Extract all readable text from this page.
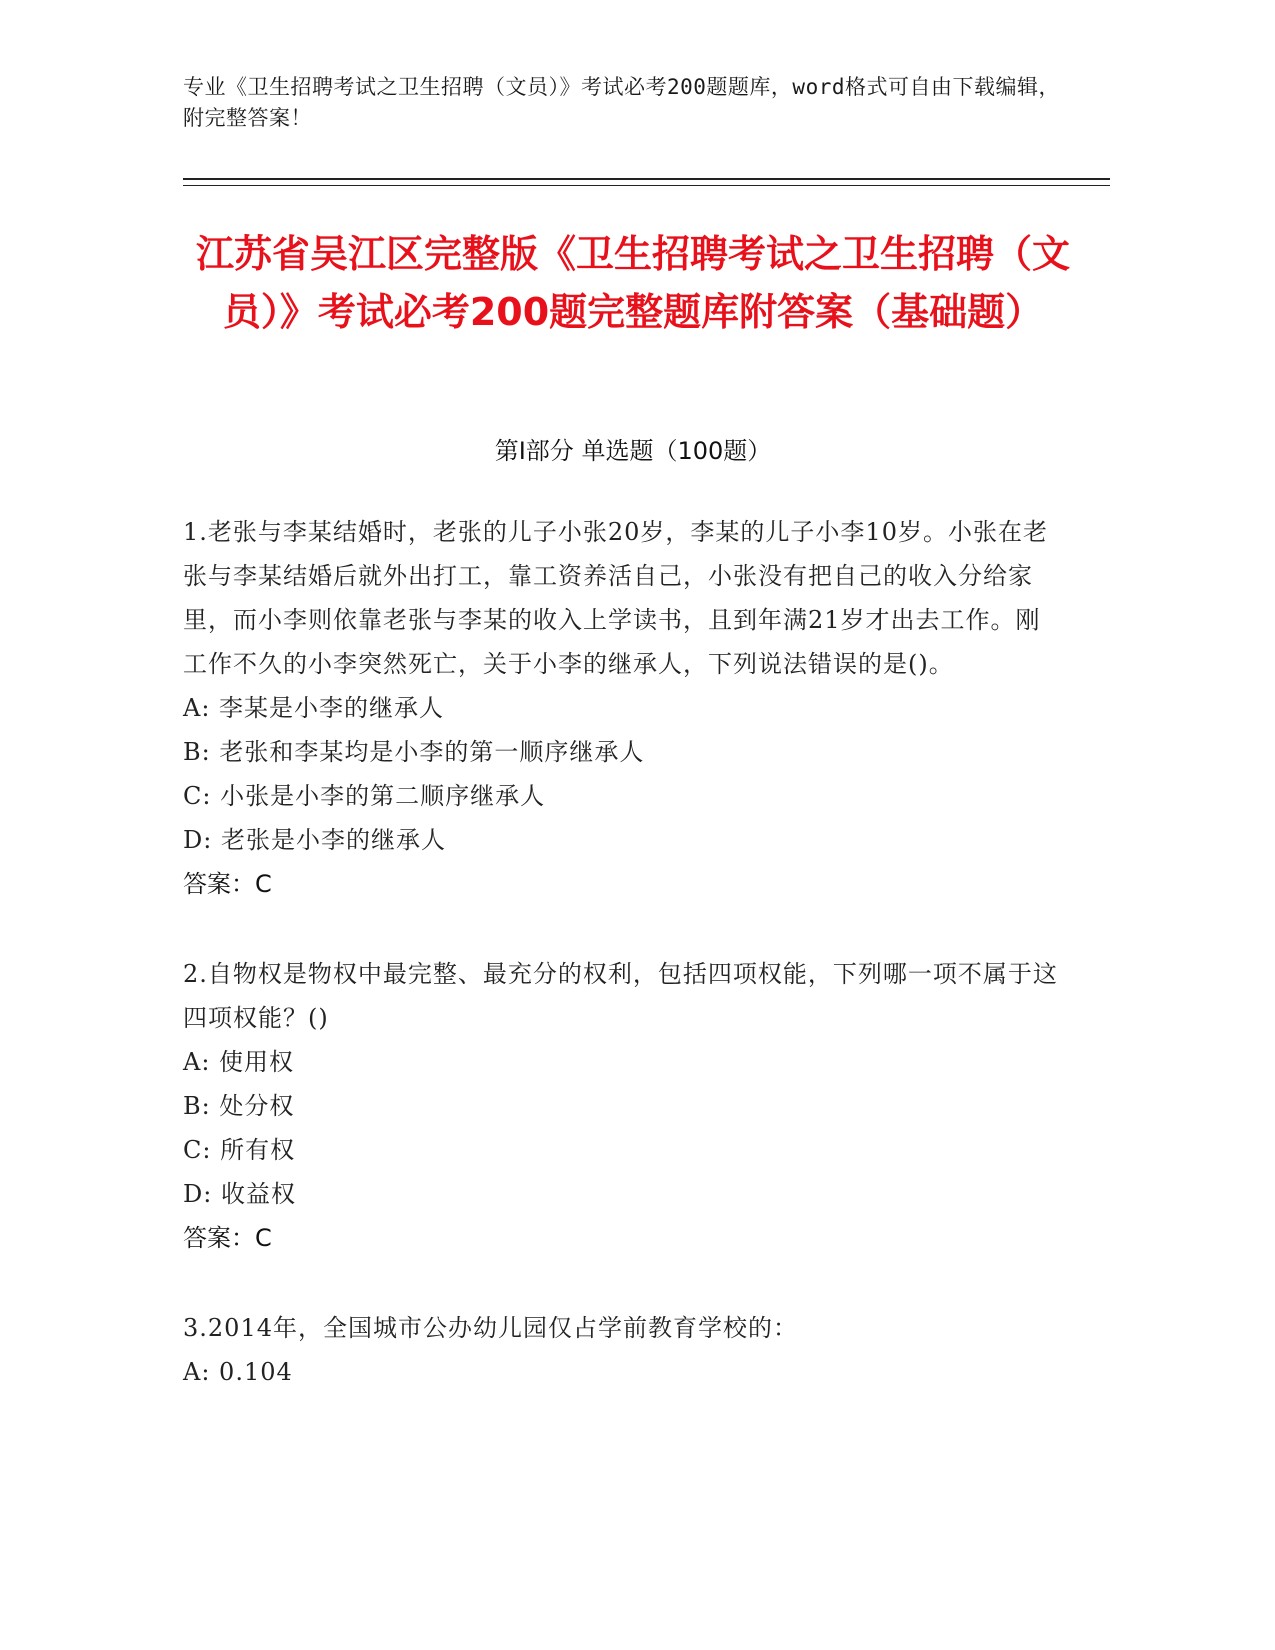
专业《卫生招聘考试之卫生招聘（文员）》考试必考200题题库，word格式可自由下载编辑，附完整答案！
江苏省吴江区完整版《卫生招聘考试之卫生招聘（文员）》考试必考200题完整题库附答案（基础题）
第I部分 单选题（100题）

1.老张与李某结婚时，老张的儿子小张20岁，李某的儿子小李10岁。小张在老张与李某结婚后就外出打工，靠工资养活自己，小张没有把自己的收入分给家里，而小李则依靠老张与李某的收入上学读书，且到年满21岁才出去工作。刚工作不久的小李突然死亡，关于小李的继承人，下列说法错误的是()。

A: 李某是小李的继承人

B: 老张和李某均是小李的第一顺序继承人

C: 小张是小李的第二顺序继承人

D: 老张是小李的继承人

答案：C

2.自物权是物权中最完整、最充分的权利，包括四项权能，下列哪一项不属于这四项权能？()

A: 使用权

B: 处分权

C: 所有权

D: 收益权

答案：C

3.2014年，全国城市公办幼儿园仅占学前教育学校的：

A: 0.104
